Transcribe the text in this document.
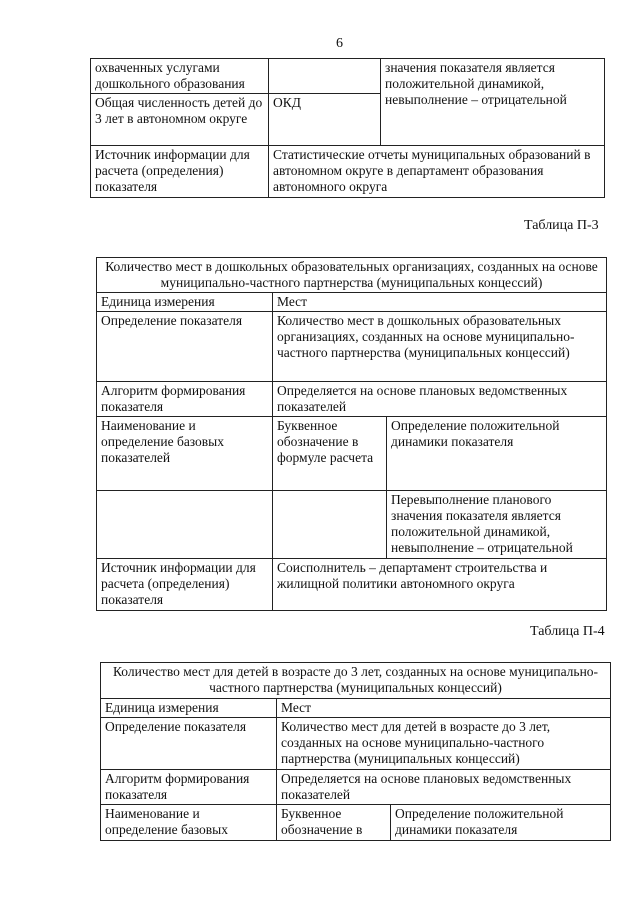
6
охваченных услугами дошкольного образования		значения показателя является положительной динамикой, невыполнение – отрицательной
Общая численность детей до 3 лет в автономном округе	ОКД	
Источник информации для расчета (определения) показателя	Статистические отчеты муниципальных образований в автономном округе в департамент образования автономного округа	
Таблица П-3
Количество мест в дошкольных образовательных организациях, созданных на основе муниципально-частного партнерства (муниципальных концессий)		
Единица измерения	Мест	
Определение показателя	Количество мест в дошкольных образовательных организациях, созданных на основе муниципально-частного партнерства (муниципальных концессий)	
Алгоритм формирования показателя	Определяется на основе плановых ведомственных показателей	
Наименование и определение базовых показателей	Буквенное обозначение в формуле расчета	Определение положительной динамики показателя
		Перевыполнение планового значения показателя является положительной динамикой, невыполнение – отрицательной
Источник информации для расчета (определения) показателя	Соисполнитель – департамент строительства и жилищной политики автономного округа	
Таблица П-4
Количество мест для детей в возрасте до 3 лет, созданных на основе муниципально-частного партнерства (муниципальных концессий)		
Единица измерения	Мест	
Определение показателя	Количество мест для детей в возрасте до 3 лет, созданных на основе муниципально-частного партнерства (муниципальных концессий)	
Алгоритм формирования показателя	Определяется на основе плановых ведомственных показателей	
Наименование и определение базовых	Буквенное обозначение в	Определение положительной динамики показателя
